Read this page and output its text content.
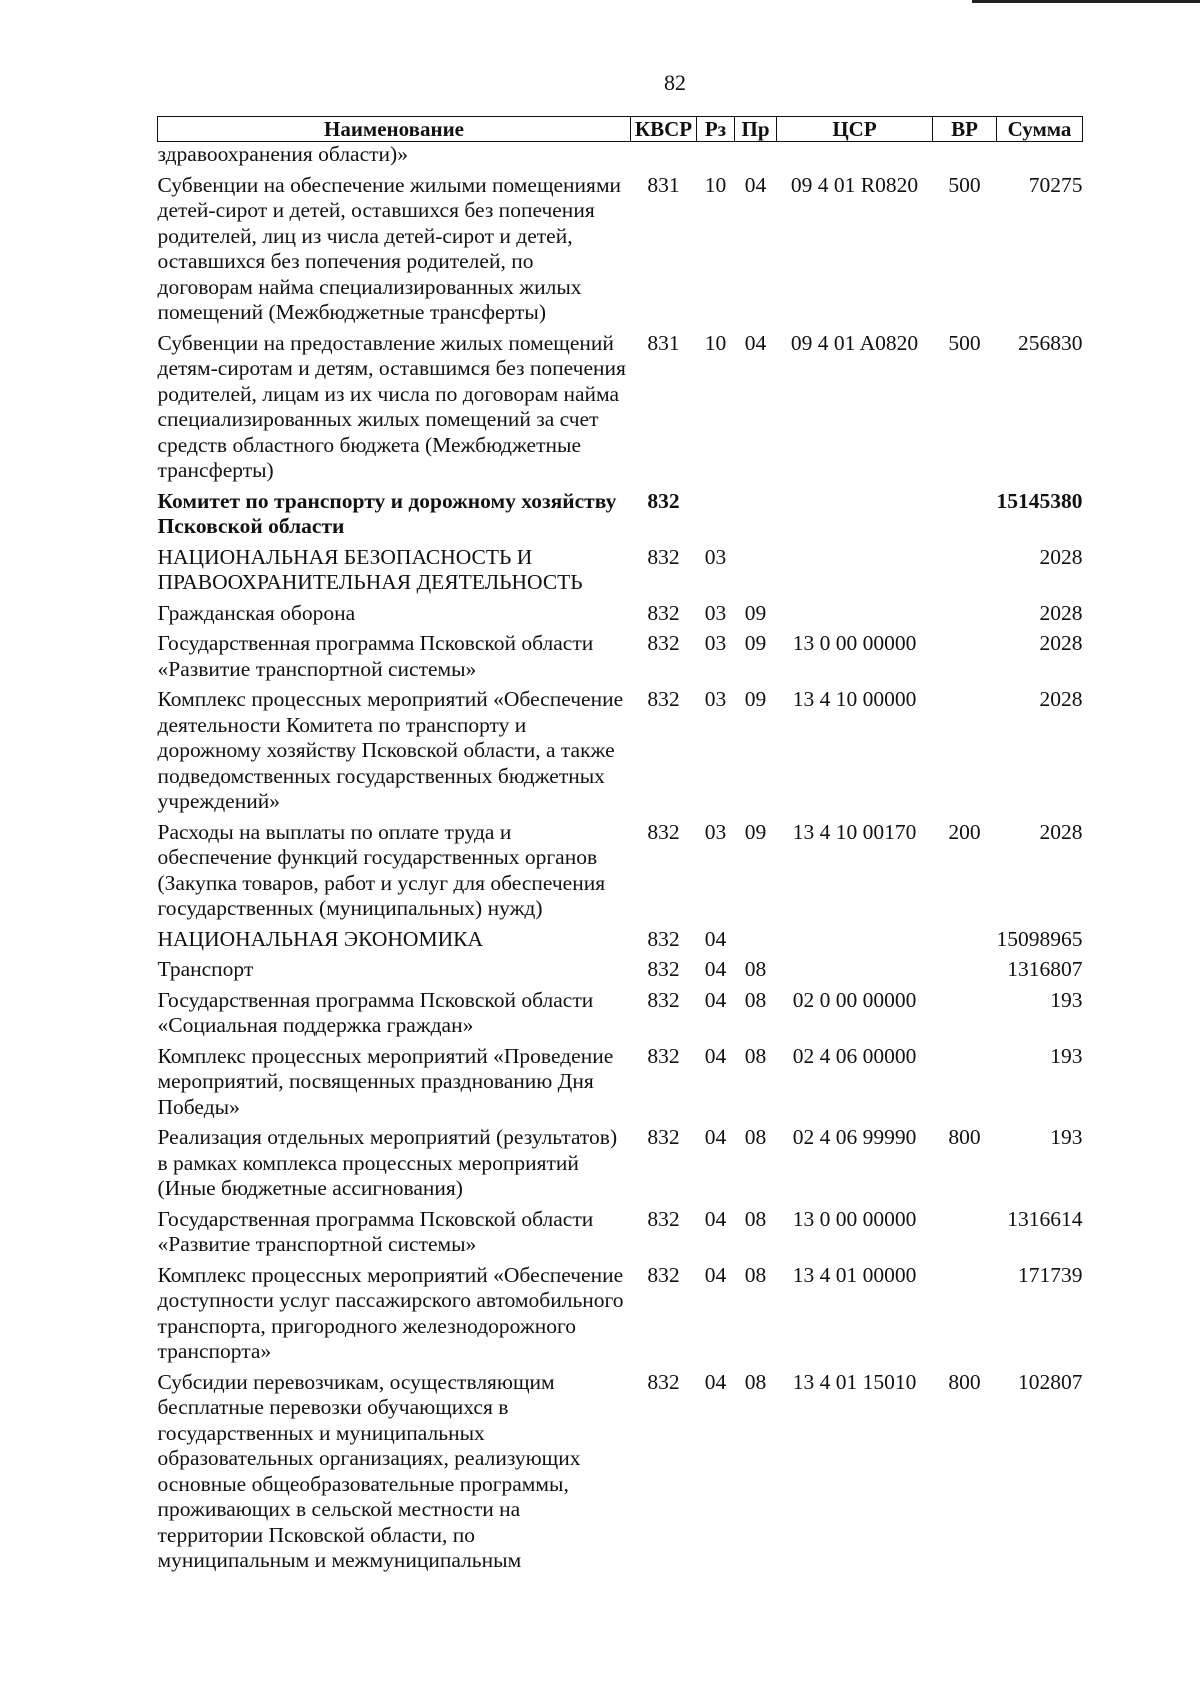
82
Наименование	КВСР	Рз	Пр	ЦСР	ВР	Сумма
здравоохранения области)»						
Субвенции на обеспечение жилыми помещениями детей-сирот и детей, оставшихся без попечения родителей, лиц из числа детей-сирот и детей, оставшихся без попечения родителей, по договорам найма специализированных жилых помещений (Межбюджетные трансферты)	831	10	04	09 4 01 R0820	500	70275
Субвенции на предоставление жилых помещений детям-сиротам и детям, оставшимся без попечения родителей, лицам из их числа по договорам найма специализированных жилых помещений за счет средств областного бюджета (Межбюджетные трансферты)	831	10	04	09 4 01 A0820	500	256830
Комитет по транспорту и дорожному хозяйству Псковской области	832					15145380
НАЦИОНАЛЬНАЯ БЕЗОПАСНОСТЬ И ПРАВООХРАНИТЕЛЬНАЯ ДЕЯТЕЛЬНОСТЬ	832	03				2028
Гражданская оборона	832	03	09			2028
Государственная программа Псковской области «Развитие транспортной системы»	832	03	09	13 0 00 00000		2028
Комплекс процессных мероприятий «Обеспечение деятельности Комитета по транспорту и дорожному хозяйству Псковской области, а также подведомственных государственных бюджетных учреждений»	832	03	09	13 4 10 00000		2028
Расходы на выплаты по оплате труда и обеспечение функций государственных органов (Закупка товаров, работ и услуг для обеспечения государственных (муниципальных) нужд)	832	03	09	13 4 10 00170	200	2028
НАЦИОНАЛЬНАЯ ЭКОНОМИКА	832	04				15098965
Транспорт	832	04	08			1316807
Государственная программа Псковской области «Социальная поддержка граждан»	832	04	08	02 0 00 00000		193
Комплекс процессных мероприятий «Проведение мероприятий, посвященных празднованию Дня Победы»	832	04	08	02 4 06 00000		193
Реализация отдельных мероприятий (результатов) в рамках комплекса процессных мероприятий (Иные бюджетные ассигнования)	832	04	08	02 4 06 99990	800	193
Государственная программа Псковской области «Развитие транспортной системы»	832	04	08	13 0 00 00000		1316614
Комплекс процессных мероприятий «Обеспечение доступности услуг пассажирского автомобильного транспорта, пригородного железнодорожного транспорта»	832	04	08	13 4 01 00000		171739
Субсидии перевозчикам, осуществляющим бесплатные перевозки обучающихся в государственных и муниципальных образовательных организациях, реализующих основные общеобразовательные программы, проживающих в сельской местности на территории Псковской области, по муниципальным и межмуниципальным	832	04	08	13 4 01 15010	800	102807
